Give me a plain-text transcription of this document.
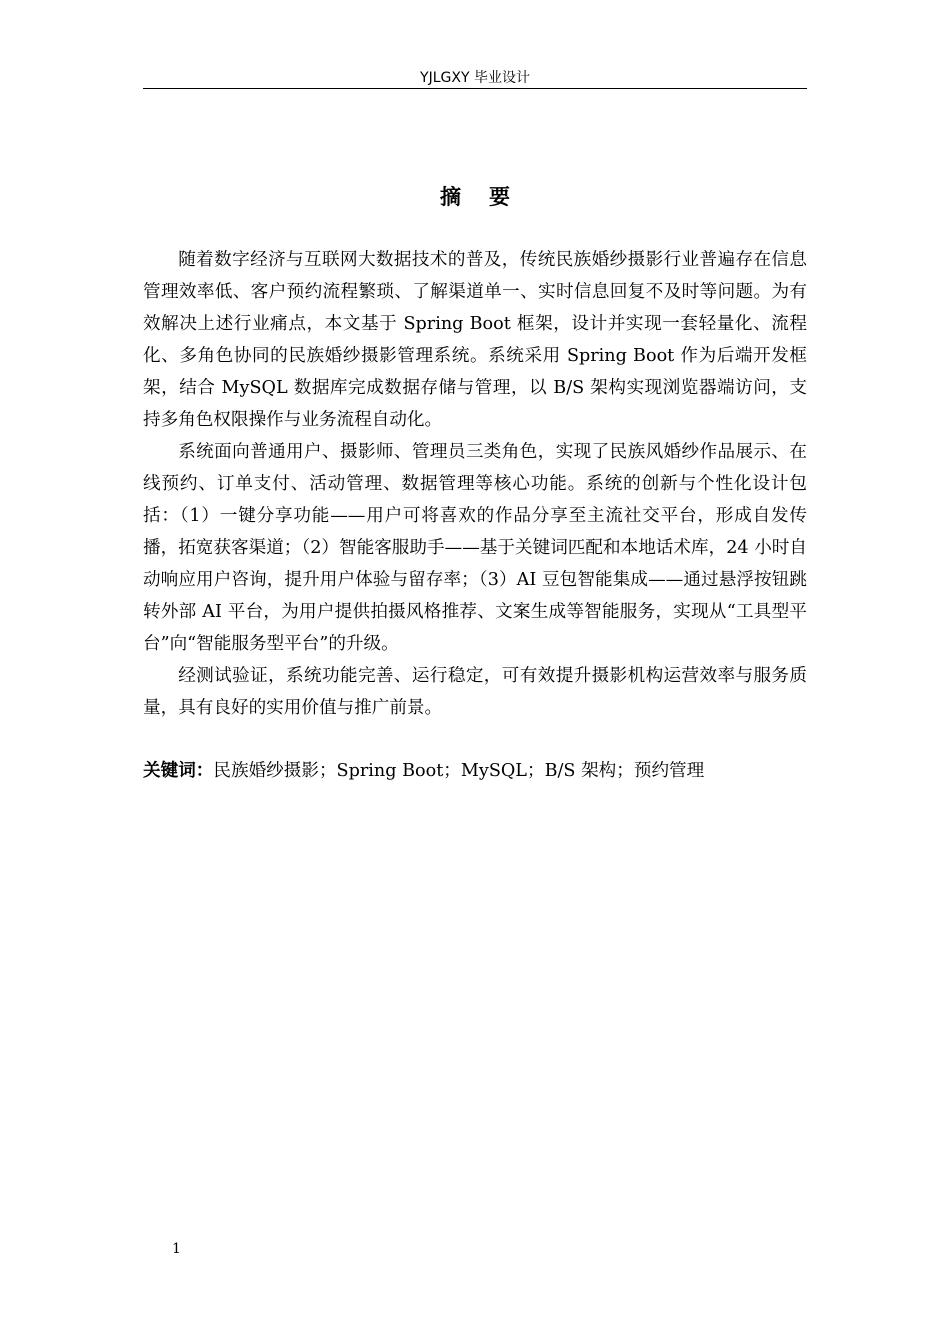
YJLGXY 毕业设计
摘要

随着数字经济与互联网大数据技术的普及，传统民族婚纱摄影行业普遍存在信息管理效率低、客户预约流程繁琐、了解渠道单一、实时信息回复不及时等问题。为有效解决上述行业痛点，本文基于 Spring Boot 框架，设计并实现一套轻量化、流程化、多角色协同的民族婚纱摄影管理系统。系统采用 Spring Boot 作为后端开发框架，结合 MySQL 数据库完成数据存储与管理，以 B/S 架构实现浏览器端访问，支持多角色权限操作与业务流程自动化。

系统面向普通用户、摄影师、管理员三类角色，实现了民族风婚纱作品展示、在线预约、订单支付、活动管理、数据管理等核心功能。系统的创新与个性化设计包括：（1）一键分享功能——用户可将喜欢的作品分享至主流社交平台，形成自发传播，拓宽获客渠道；（2）智能客服助手——基于关键词匹配和本地话术库，24 小时自动响应用户咨询，提升用户体验与留存率；（3）AI 豆包智能集成——通过悬浮按钮跳转外部 AI 平台，为用户提供拍摄风格推荐、文案生成等智能服务，实现从“工具型平台”向“智能服务型平台”的升级。

经测试验证，系统功能完善、运行稳定，可有效提升摄影机构运营效率与服务质量，具有良好的实用价值与推广前景。

关键词：民族婚纱摄影；Spring Boot；MySQL；B/S 架构；预约管理
1
